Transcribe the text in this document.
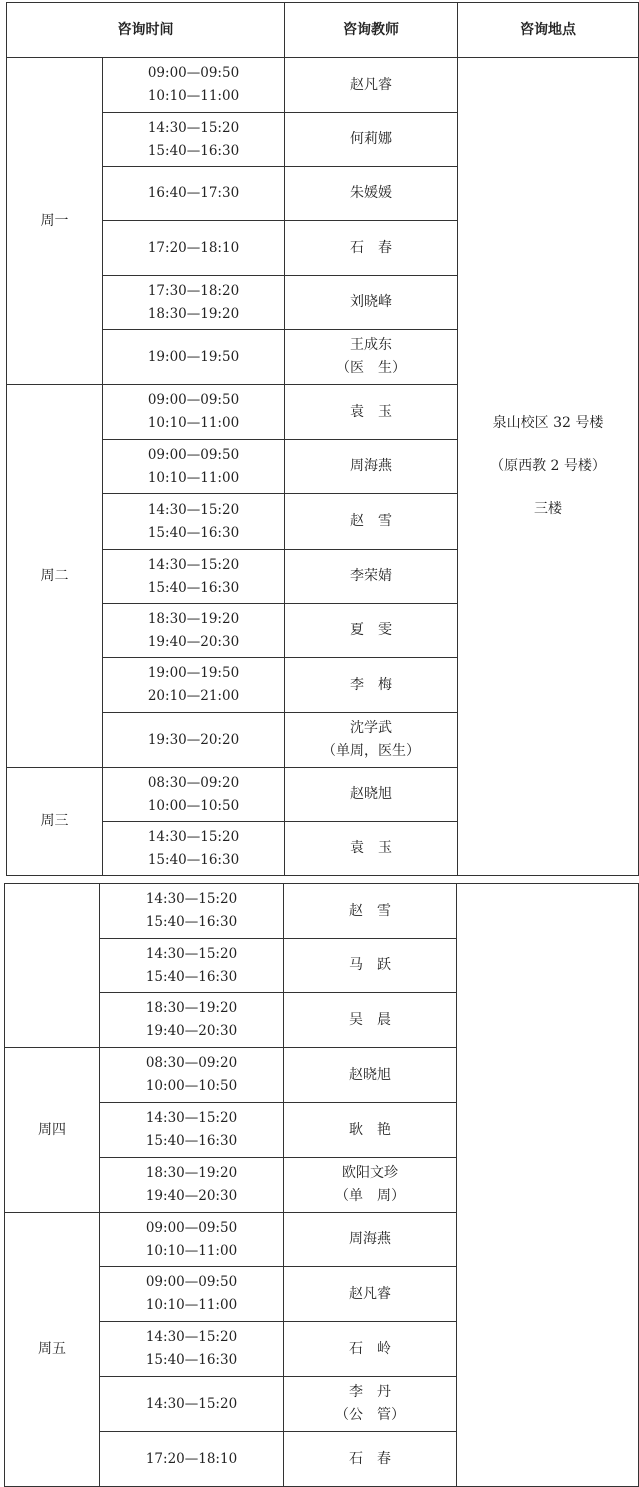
咨询时间		咨询教师	咨询地点
周一	09:00—09:50
10:10—11:00	赵凡睿	泉山校区 32 号楼
（原西教 2 号楼）
三楼

	14:30—15:20
15:40—16:30	何莉娜	

	16:40—17:30	朱媛媛	

	17:20—18:10	石　春	

	17:30—18:20
18:30—19:20	刘晓峰	

	19:00—19:50	王成东
（医　生）	

周二	09:00—09:50
10:10—11:00	袁　玉	

	09:00—09:50
10:10—11:00	周海燕	

	14:30—15:20
15:40—16:30	赵　雪	

	14:30—15:20
15:40—16:30	李荣婧	

	18:30—19:20
19:40—20:30	夏　雯	

	19:00—19:50
20:10—21:00	李　梅	

	19:30—20:20	沈学武
（单周，医生）	

周三	08:30—09:20
10:00—10:50	赵晓旭	

	14:30—15:20
15:40—16:30	袁　玉	

	14:30—15:20
15:40—16:30	赵　雪	

	14:30—15:20
15:40—16:30	马　跃	

	18:30—19:20
19:40—20:30	吴　晨	

周四	08:30—09:20
10:00—10:50	赵晓旭	

	14:30—15:20
15:40—16:30	耿　艳	

	18:30—19:20
19:40—20:30	欧阳文珍
（单　周）	

周五	09:00—09:50
10:10—11:00	周海燕	

	09:00—09:50
10:10—11:00	赵凡睿	

	14:30—15:20
15:40—16:30	石　岭	

	14:30—15:20	李　丹
（公　管）	

	17:20—18:10	石　春	
